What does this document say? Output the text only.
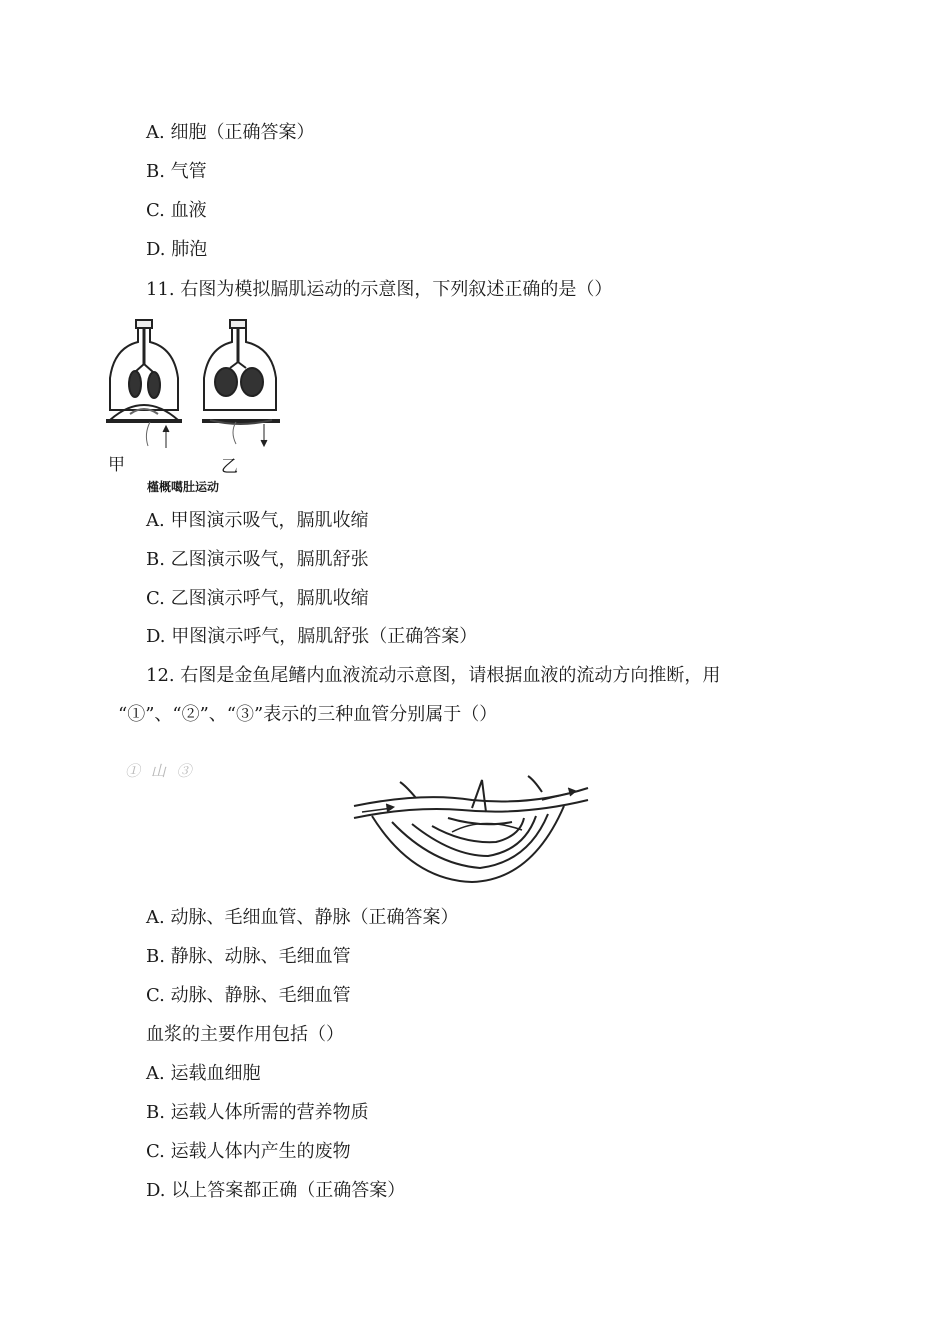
A. 细胞（正确答案）
B. 气管
C. 血液
D. 肺泡
11. 右图为模拟膈肌运动的示意图，下列叙述正确的是（）
甲	乙
槿概噶肚运动
A. 甲图演示吸气，膈肌收缩
B. 乙图演示吸气，膈肌舒张
C. 乙图演示呼气，膈肌收缩
D. 甲图演示呼气，膈肌舒张（正确答案）
12. 右图是金鱼尾鳍内血液流动示意图，请根据血液的流动方向推断，用
“①”、“②”、“③”表示的三种血管分别属于（）
① 山 ③
A. 动脉、毛细血管、静脉（正确答案）
B. 静脉、动脉、毛细血管
C. 动脉、静脉、毛细血管
血浆的主要作用包括（）
A. 运载血细胞
B. 运载人体所需的营养物质
C. 运载人体内产生的废物
D. 以上答案都正确（正确答案）
